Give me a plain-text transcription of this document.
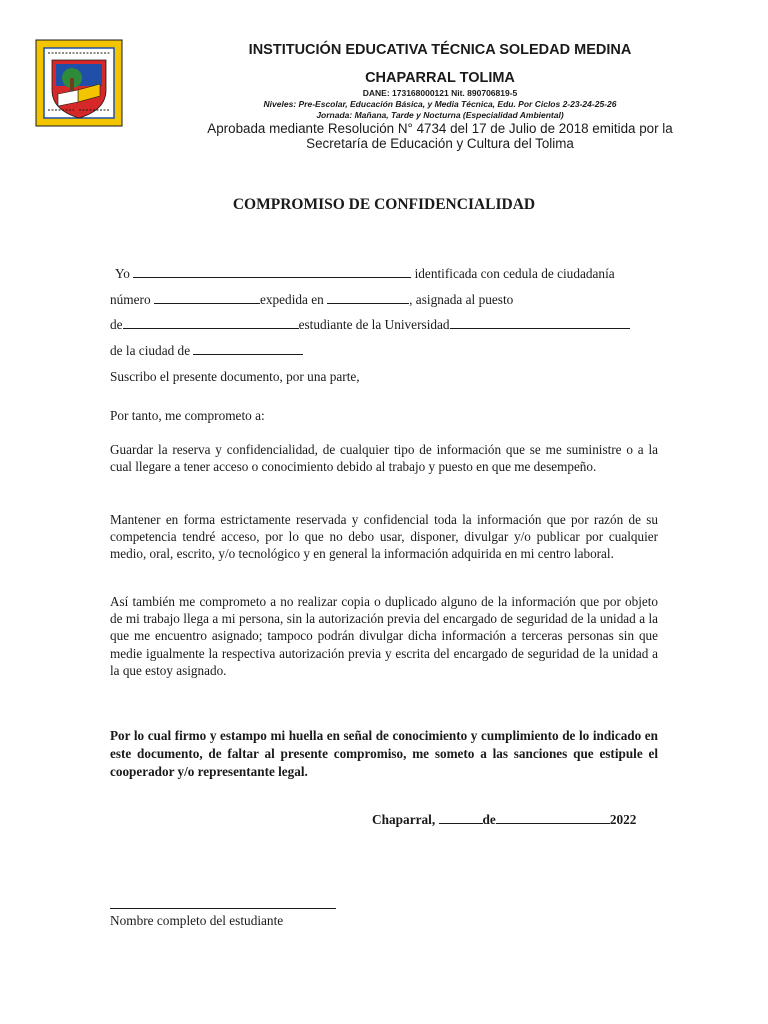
INSTITUCIÓN EDUCATIVA TÉCNICA SOLEDAD MEDINA
CHAPARRAL TOLIMA
DANE: 173168000121 Nit. 890706819-5
Niveles: Pre-Escolar, Educación Básica, y Media Técnica, Edu. Por Ciclos 2-23-24-25-26
Jornada: Mañana, Tarde y Nocturna (Especialidad Ambiental)
Aprobada mediante Resolución N° 4734 del 17 de Julio de 2018 emitida por la
Secretaría de Educación y Cultura del Tolima
COMPROMISO DE CONFIDENCIALIDAD
Yo	identificada con cedula de ciudadanía
número	expedida en	, asignada al puesto
de	estudiante de la Universidad
de la ciudad de
Suscribo el presente documento, por una parte,
Por tanto, me comprometo a:
Guardar la reserva y confidencialidad, de cualquier tipo de información que se me suministre o a la cual llegare a tener acceso o conocimiento debido al trabajo y puesto en que me desempeño.
Mantener en forma estrictamente reservada y confidencial toda la información que por razón de su competencia tendré acceso, por lo que no debo usar, disponer, divulgar y/o publicar por cualquier medio, oral, escrito, y/o tecnológico y en general la información adquirida en mi centro laboral.
Así también me comprometo a no realizar copia o duplicado alguno de la información que por objeto de mi trabajo llega a mi persona, sin la autorización previa del encargado de seguridad de la unidad a la que me encuentro asignado; tampoco podrán divulgar dicha información a terceras personas sin que medie igualmente la respectiva autorización previa y escrita del encargado de seguridad de la unidad a la que estoy asignado.
Por lo cual firmo y estampo mi huella en señal de conocimiento y cumplimiento de lo indicado en este documento, de faltar al presente compromiso, me someto a las sanciones que estipule el cooperador y/o representante legal.
Chaparral,	de	2022
Nombre completo del estudiante
